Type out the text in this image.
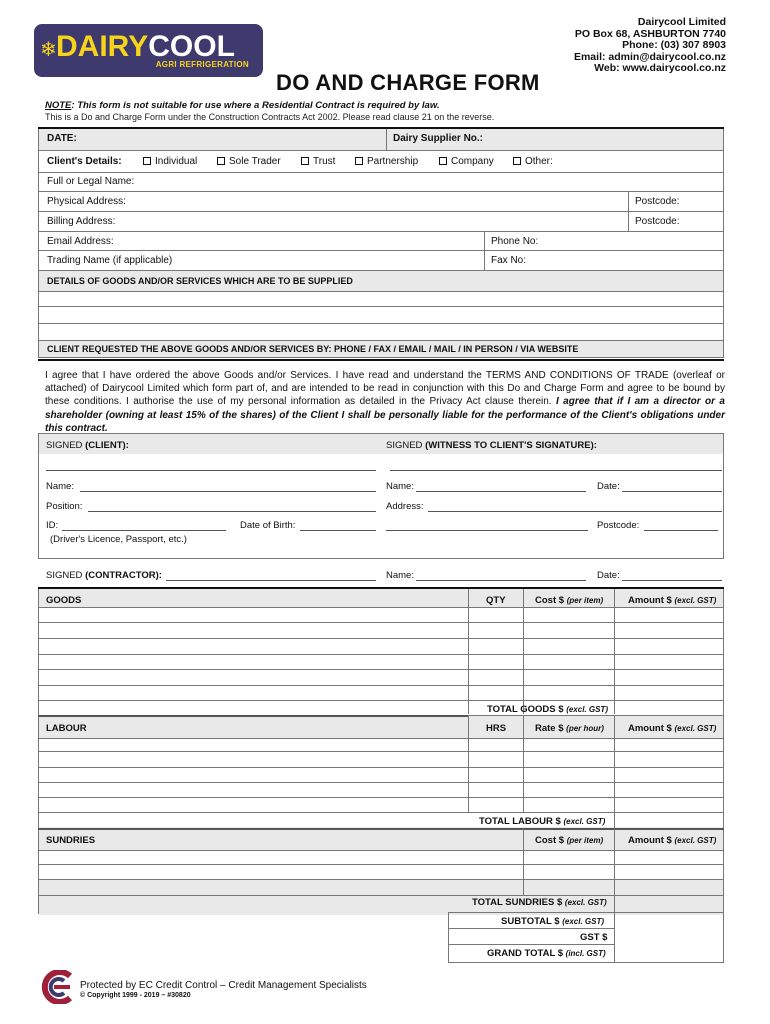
❄ DAIRYCOOL
AGRI REFRIGERATION
Dairycool Limited
PO Box 68, ASHBURTON 7740
Phone: (03) 307 8903
Email: admin@dairycool.co.nz
Web: www.dairycool.co.nz
DO AND CHARGE FORM
NOTE: This form is not suitable for use where a Residential Contract is required by law.
This is a Do and Charge Form under the Construction Contracts Act 2002. Please read clause 21 on the reverse.
DATE:	Dairy Supplier No.:
Client's Details:	Individual	Sole Trader	Trust	Partnership	Company	Other:
Full or Legal Name:
Physical Address:	Postcode:
Billing Address:	Postcode:
Email Address:	Phone No:
Trading Name (if applicable)	Fax No:
DETAILS OF GOODS AND/OR SERVICES WHICH ARE TO BE SUPPLIED
CLIENT REQUESTED THE ABOVE GOODS AND/OR SERVICES BY: PHONE / FAX / EMAIL / MAIL / IN PERSON / VIA WEBSITE
I agree that I have ordered the above Goods and/or Services. I have read and understand the TERMS AND CONDITIONS OF TRADE (overleaf or attached) of Dairycool Limited which form part of, and are intended to be read in conjunction with this Do and Charge Form and agree to be bound by these conditions. I authorise the use of my personal information as detailed in the Privacy Act clause therein. I agree that if I am a director or a shareholder (owning at least 15% of the shares) of the Client I shall be personally liable for the performance of the Client's obligations under this contract.
SIGNED (CLIENT):	SIGNED (WITNESS TO CLIENT'S SIGNATURE):
Name:	Name:	Date:
Position:	Address:
ID:	Date of Birth:	Postcode:
(Driver's Licence, Passport, etc.)
SIGNED (CONTRACTOR):	Name:	Date:
GOODS	QTY	Cost $ (per item)	Amount $ (excl. GST)
TOTAL GOODS $ (excl. GST)
LABOUR	HRS	Rate $ (per hour)	Amount $ (excl. GST)
TOTAL LABOUR $ (excl. GST)
SUNDRIES	Cost $ (per item)	Amount $ (excl. GST)
TOTAL SUNDRIES $ (excl. GST)
SUBTOTAL $ (excl. GST)
GST $
GRAND TOTAL $ (incl. GST)
Protected by EC Credit Control – Credit Management Specialists
© Copyright 1999 - 2019 – #30820
